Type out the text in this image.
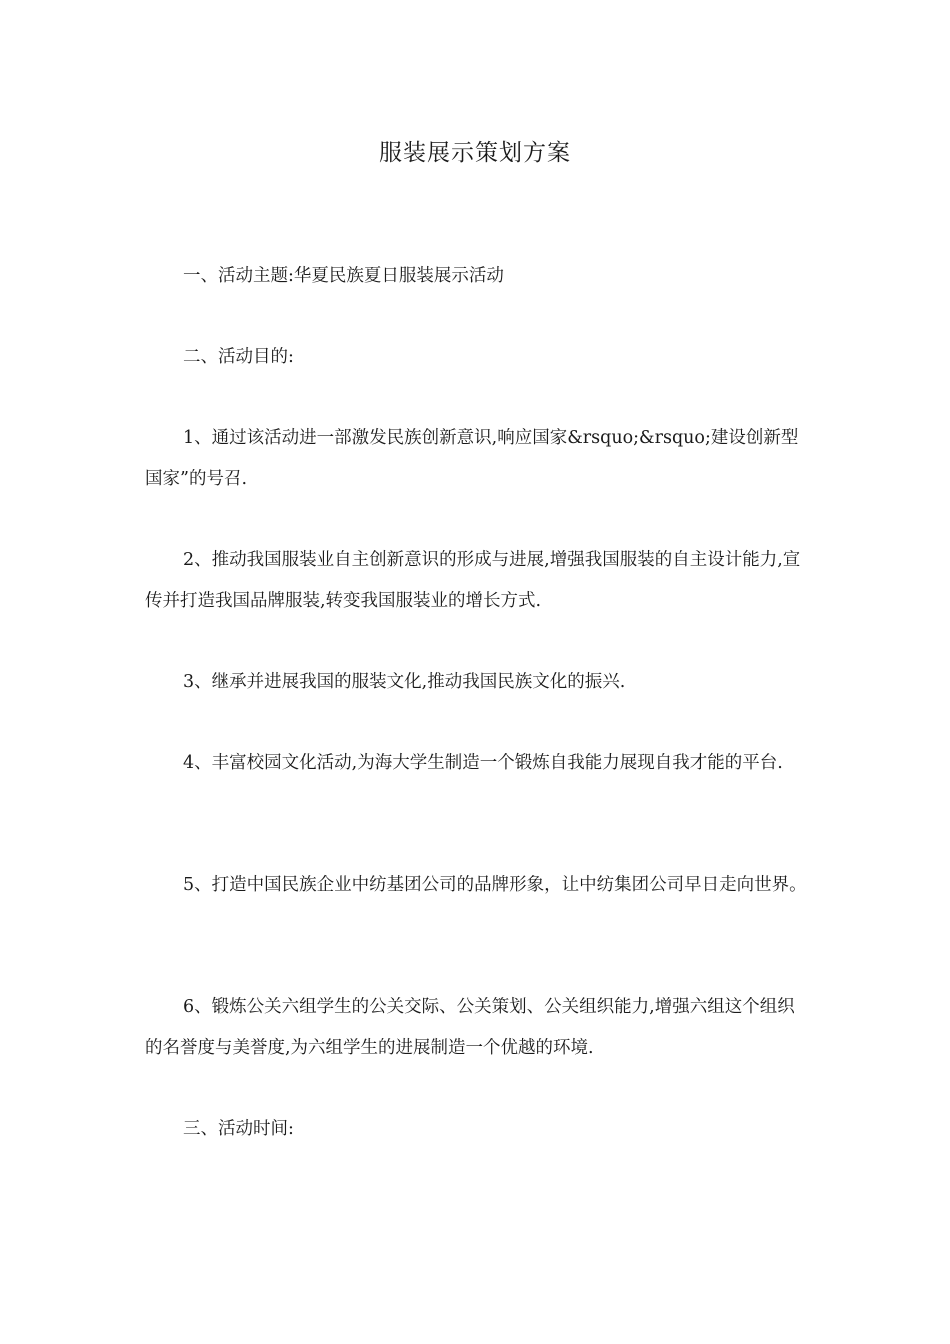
服装展示策划方案

一、活动主题:华夏民族夏日服装展示活动

二、活动目的:

1、通过该活动进一部激发民族创新意识,响应国家&rsquo;&rsquo;建设创新型国家”的号召.

2、推动我国服装业自主创新意识的形成与进展,增强我国服装的自主设计能力,宣传并打造我国品牌服装,转变我国服装业的增长方式.

3、继承并进展我国的服装文化,推动我国民族文化的振兴.

4、丰富校园文化活动,为海大学生制造一个锻炼自我能力展现自我才能的平台.

5、打造中国民族企业中纺基团公司的品牌形象，让中纺集团公司早日走向世界。

6、锻炼公关六组学生的公关交际、公关策划、公关组织能力,增强六组这个组织的名誉度与美誉度,为六组学生的进展制造一个优越的环境.

三、活动时间:
